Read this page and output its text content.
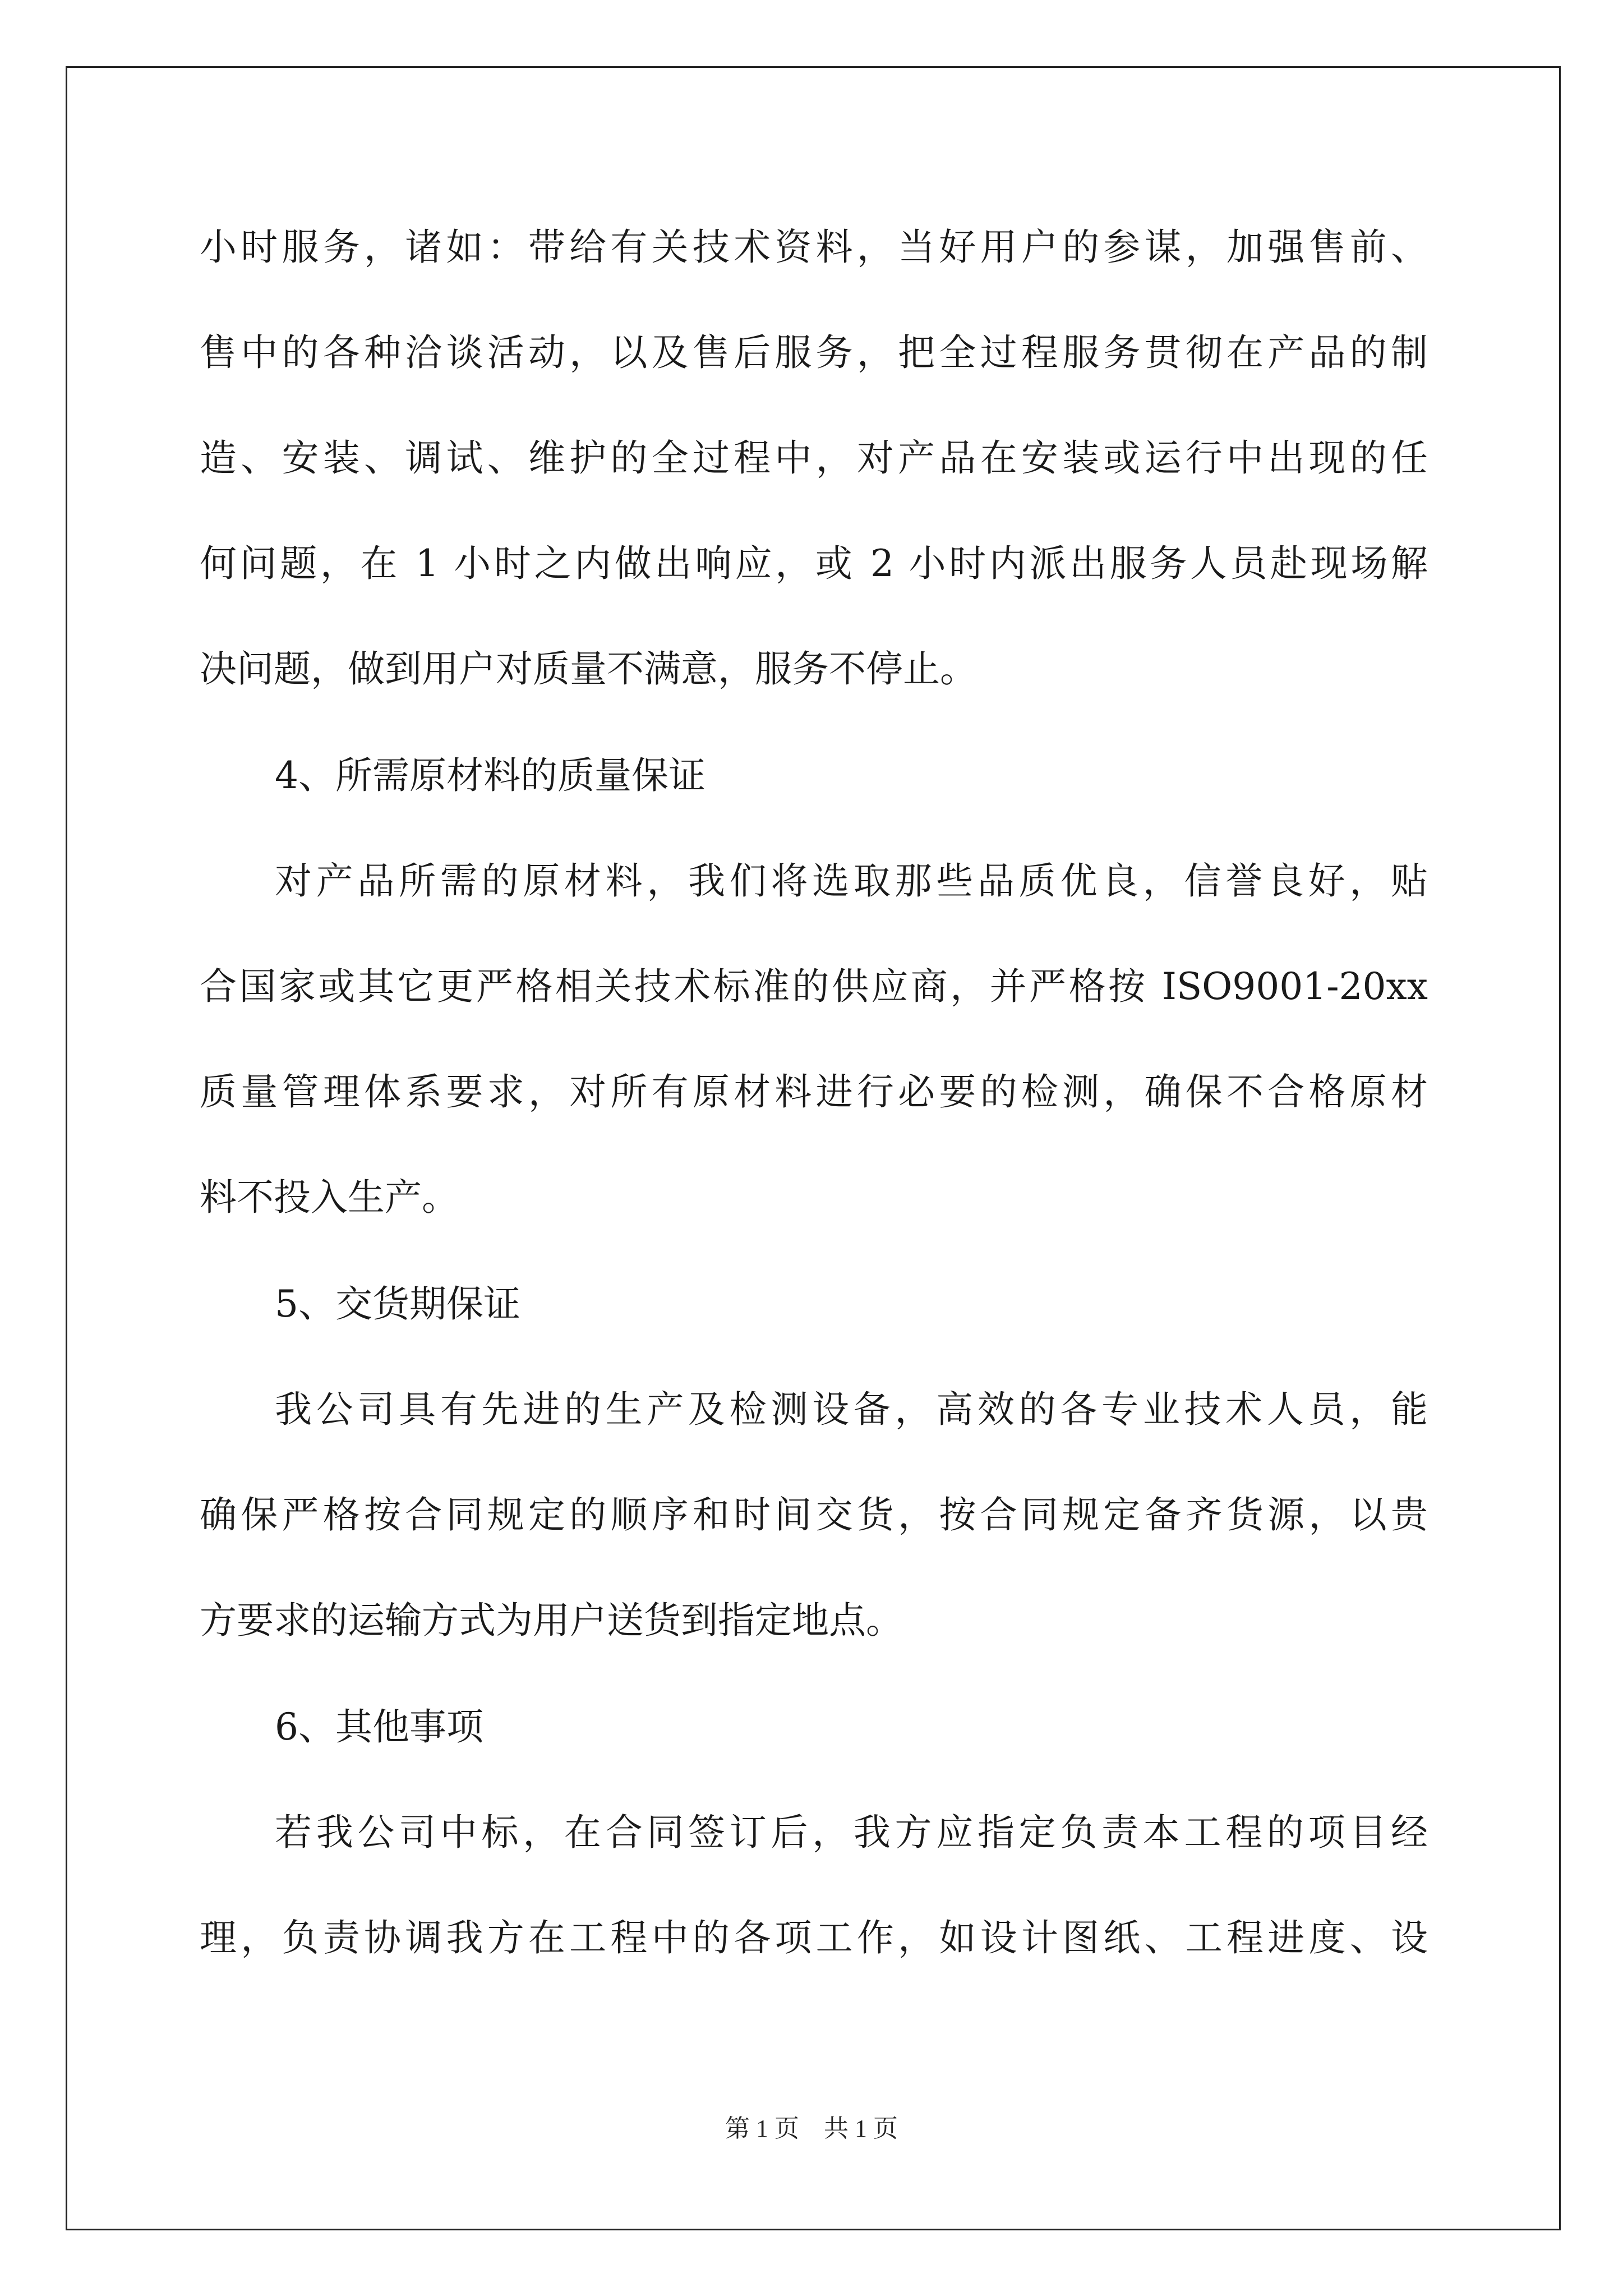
小时服务，诸如：带给有关技术资料，当好用户的参谋，加强售前、
售中的各种洽谈活动，以及售后服务，把全过程服务贯彻在产品的制
造、安装、调试、维护的全过程中，对产品在安装或运行中出现的任
何问题，在 1 小时之内做出响应，或 2 小时内派出服务人员赴现场解
决问题，做到用户对质量不满意，服务不停止。
4、所需原材料的质量保证
对产品所需的原材料，我们将选取那些品质优良，信誉良好，贴
合国家或其它更严格相关技术标准的供应商，并严格按 ISO9001-20xx
质量管理体系要求，对所有原材料进行必要的检测，确保不合格原材
料不投入生产。
5、交货期保证
我公司具有先进的生产及检测设备，高效的各专业技术人员，能
确保严格按合同规定的顺序和时间交货，按合同规定备齐货源，以贵
方要求的运输方式为用户送货到指定地点。
6、其他事项
若我公司中标，在合同签订后，我方应指定负责本工程的项目经
理，负责协调我方在工程中的各项工作，如设计图纸、工程进度、设
第 1 页　共 1 页
